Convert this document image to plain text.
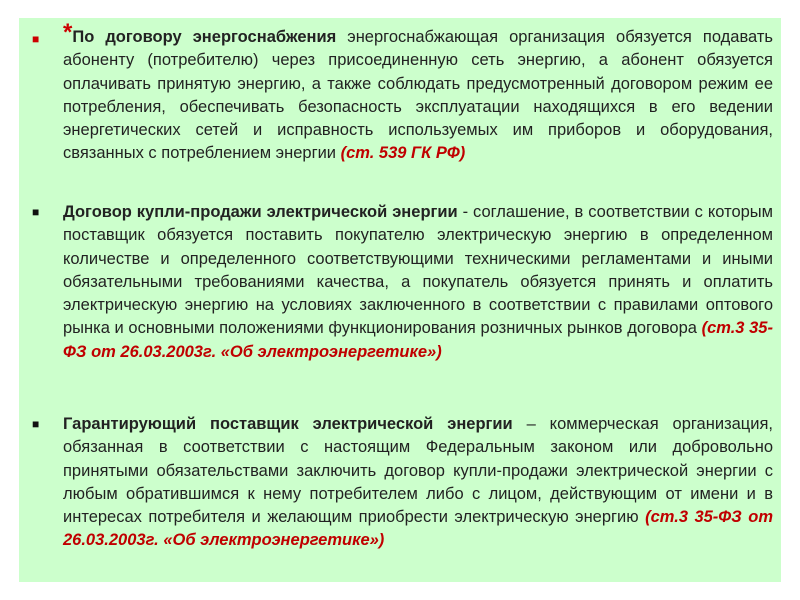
■ *По договору энергоснабжения энергоснабжающая организация обязуется подавать абоненту (потребителю) через присоединенную сеть энергию, а абонент обязуется оплачивать принятую энергию, а также соблюдать предусмотренный договором режим ее потребления, обеспечивать безопасность эксплуатации находящихся в его ведении энергетических сетей и исправность используемых им приборов и оборудования, связанных с потреблением энергии (ст. 539 ГК РФ)

■ Договор купли-продажи электрической энергии - соглашение, в соответствии с которым поставщик обязуется поставить покупателю электрическую энергию в определенном количестве и определенного соответствующими техническими регламентами и иными обязательными требованиями качества, а покупатель обязуется принять и оплатить электрическую энергию на условиях заключенного в соответствии с правилами оптового рынка и основными положениями функционирования розничных рынков договора (ст.3 35-ФЗ от 26.03.2003г. «Об электроэнергетике»)

■ Гарантирующий поставщик электрической энергии – коммерческая организация, обязанная в соответствии с настоящим Федеральным законом или добровольно принятыми обязательствами заключить договор купли-продажи электрической энергии с любым обратившимся к нему потребителем либо с лицом, действующим от имени и в интересах потребителя и желающим приобрести электрическую энергию (ст.3 35-ФЗ от 26.03.2003г. «Об электроэнергетике»)
